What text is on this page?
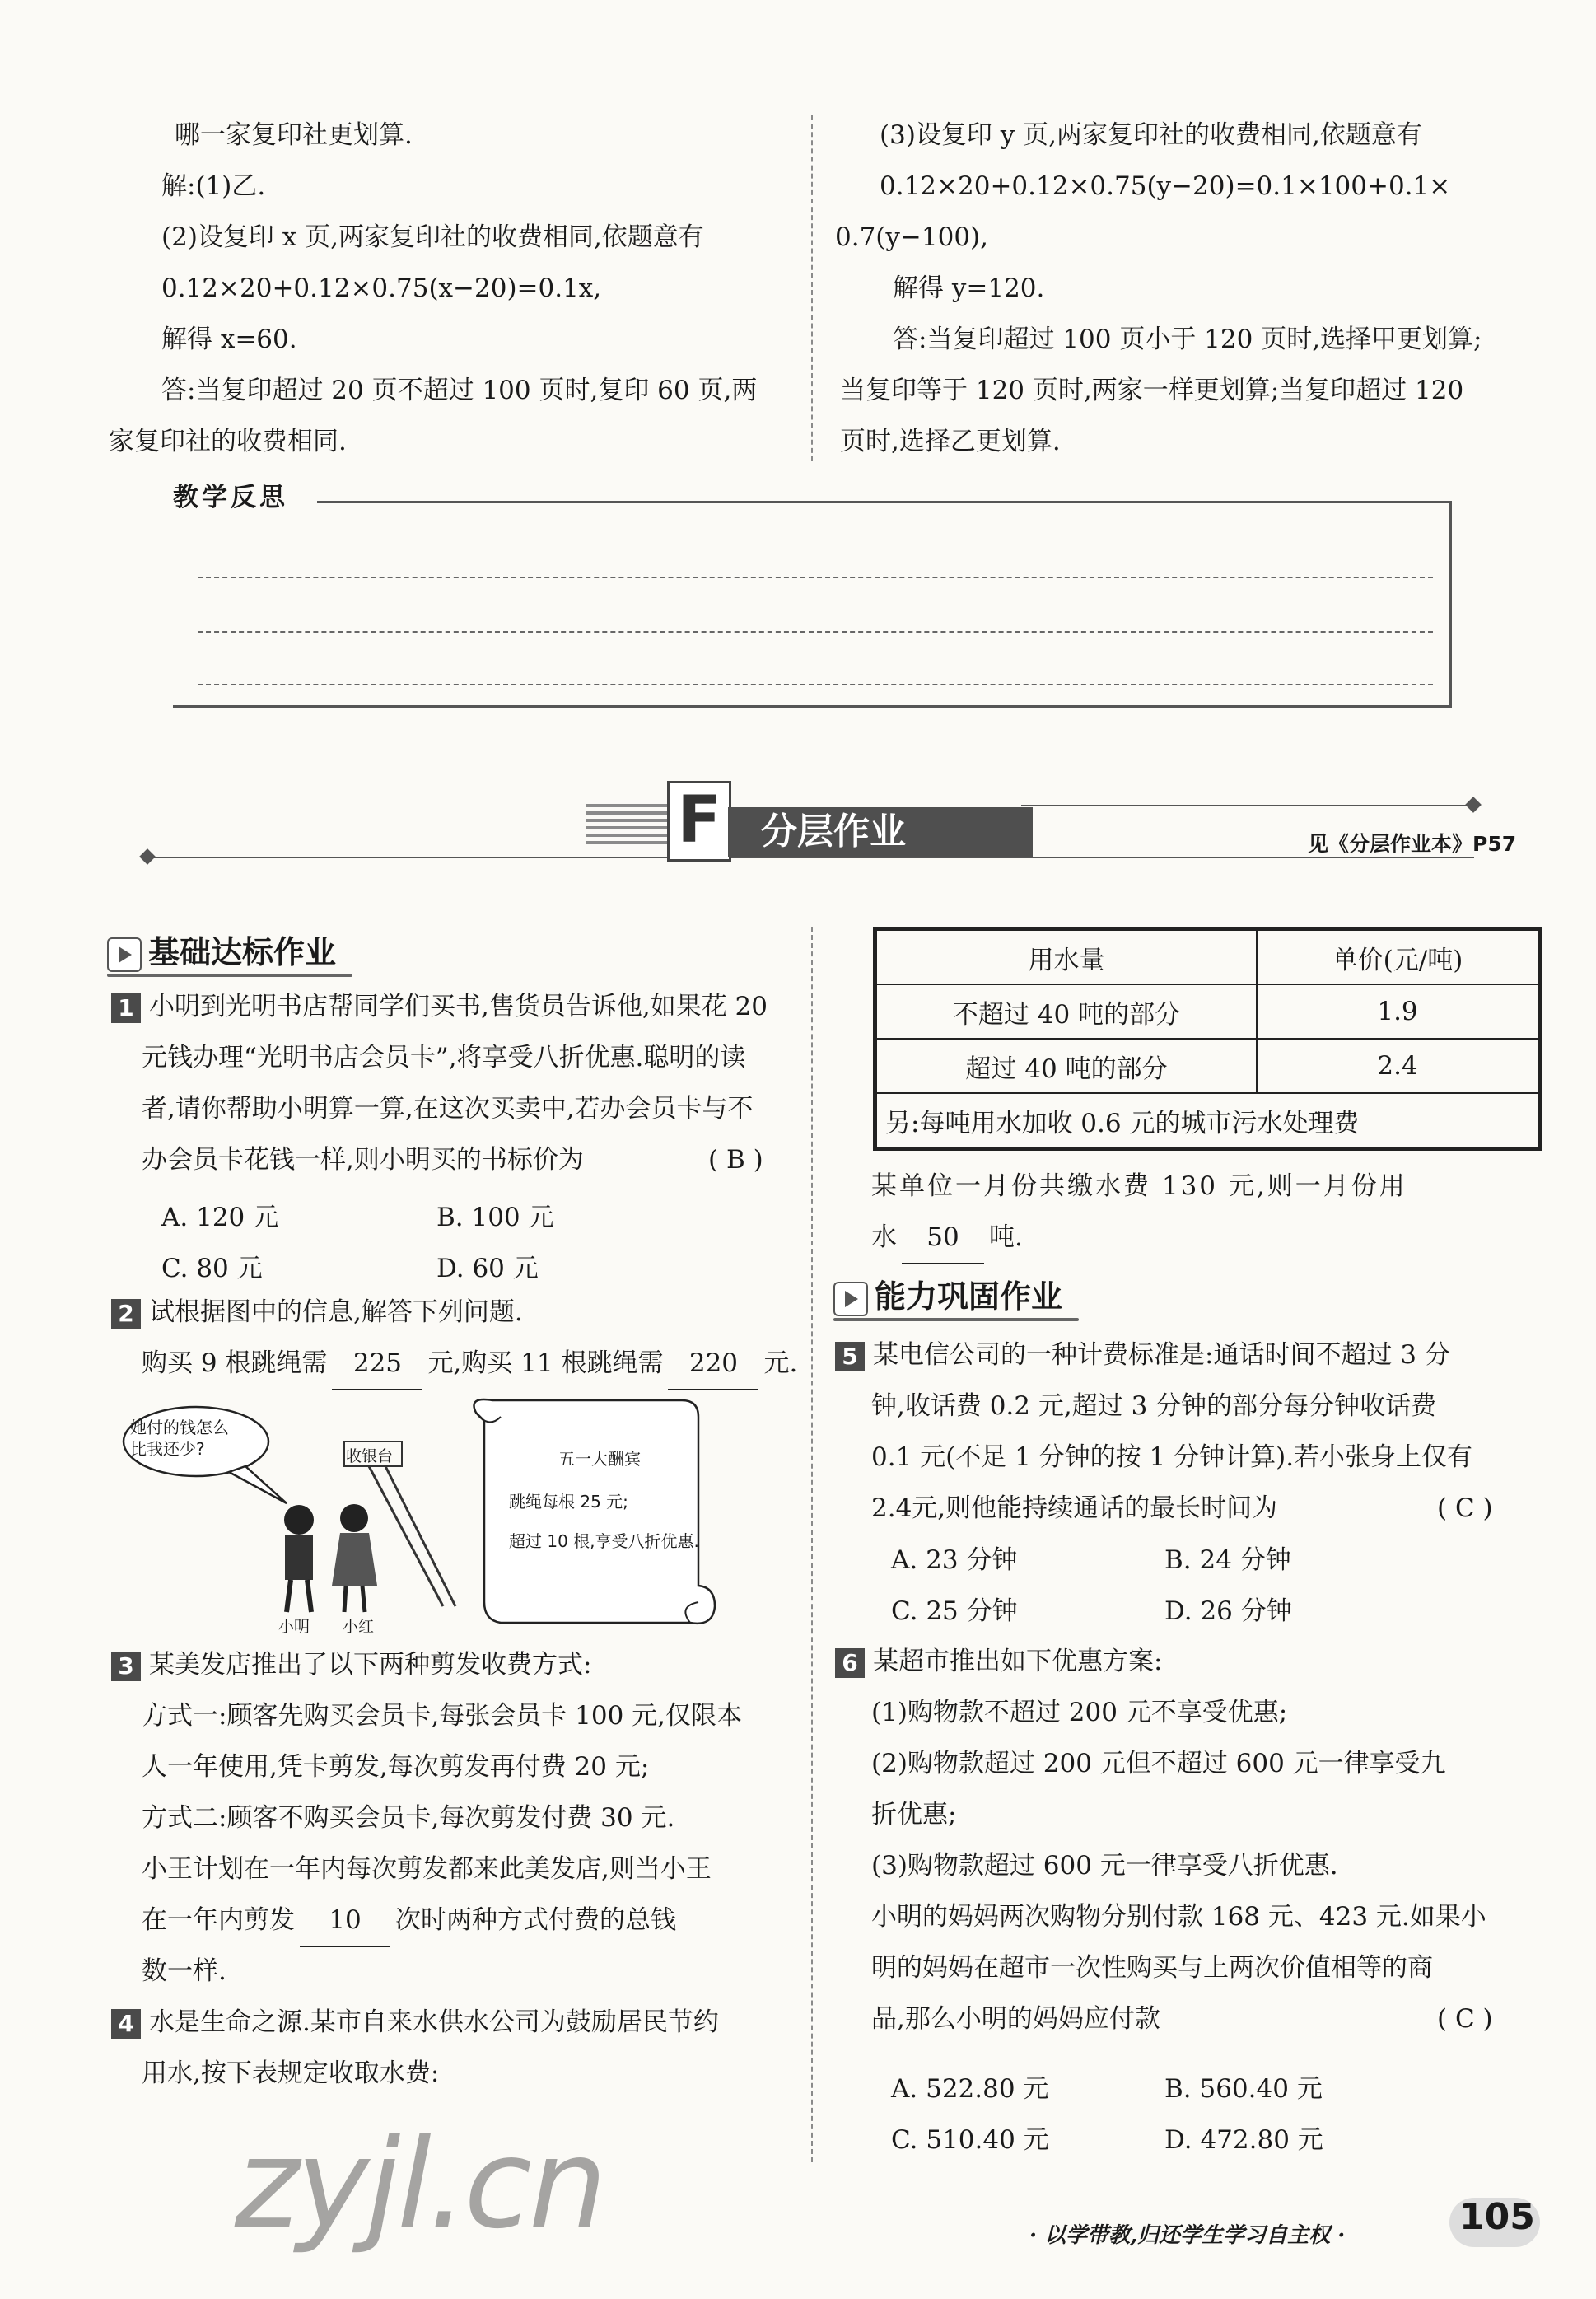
哪一家复印社更划算.
解:(1)乙.
(2)设复印 x 页,两家复印社的收费相同,依题意有
0.12×20+0.12×0.75(x−20)=0.1x,
解得 x=60.
答:当复印超过 20 页不超过 100 页时,复印 60 页,两
家复印社的收费相同.
(3)设复印 y 页,两家复印社的收费相同,依题意有
0.12×20+0.12×0.75(y−20)=0.1×100+0.1×
0.7(y−100),
解得 y=120.
答:当复印超过 100 页小于 120 页时,选择甲更划算;
当复印等于 120 页时,两家一样更划算;当复印超过 120
页时,选择乙更划算.
教学反思
F	分层作业	见《分层作业本》P57
基础达标作业
1 小明到光明书店帮同学们买书,售货员告诉他,如果花 20
元钱办理“光明书店会员卡”,将享受八折优惠.聪明的读
者,请你帮助小明算一算,在这次买卖中,若办会员卡与不
办会员卡花钱一样,则小明买的书标价为	( B )
A. 120 元	B. 100 元
C. 80 元	D. 60 元
2 试根据图中的信息,解答下列问题.
购买 9 根跳绳需 225 元,购买 11 根跳绳需 220 元.
她付的钱怎么
比我还少?	收银台
小明 小红
五一大酬宾
跳绳每根 25 元;
超过 10 根,享受八折优惠.
3 某美发店推出了以下两种剪发收费方式:
方式一:顾客先购买会员卡,每张会员卡 100 元,仅限本
人一年使用,凭卡剪发,每次剪发再付费 20 元;
方式二:顾客不购买会员卡,每次剪发付费 30 元.
小王计划在一年内每次剪发都来此美发店,则当小王
在一年内剪发 10 次时两种方式付费的总钱
数一样.
4 水是生命之源.某市自来水供水公司为鼓励居民节约
用水,按下表规定收取水费:
用水量	单价(元/吨)
不超过 40 吨的部分	1.9
超过 40 吨的部分	2.4
另:每吨用水加收 0.6 元的城市污水处理费	
某单位一月份共缴水费 130 元,则一月份用
水 50 吨.
能力巩固作业
5 某电信公司的一种计费标准是:通话时间不超过 3 分
钟,收话费 0.2 元,超过 3 分钟的部分每分钟收话费
0.1 元(不足 1 分钟的按 1 分钟计算).若小张身上仅有
2.4元,则他能持续通话的最长时间为	( C )
A. 23 分钟	B. 24 分钟
C. 25 分钟	D. 26 分钟
6 某超市推出如下优惠方案:
(1)购物款不超过 200 元不享受优惠;
(2)购物款超过 200 元但不超过 600 元一律享受九
折优惠;
(3)购物款超过 600 元一律享受八折优惠.
小明的妈妈两次购物分别付款 168 元、423 元.如果小
明的妈妈在超市一次性购买与上两次价值相等的商
品,那么小明的妈妈应付款	( C )
A. 522.80 元	B. 560.40 元
C. 510.40 元	D. 472.80 元
zyjl.cn	· 以学带教,归还学生学习自主权 ·	105
